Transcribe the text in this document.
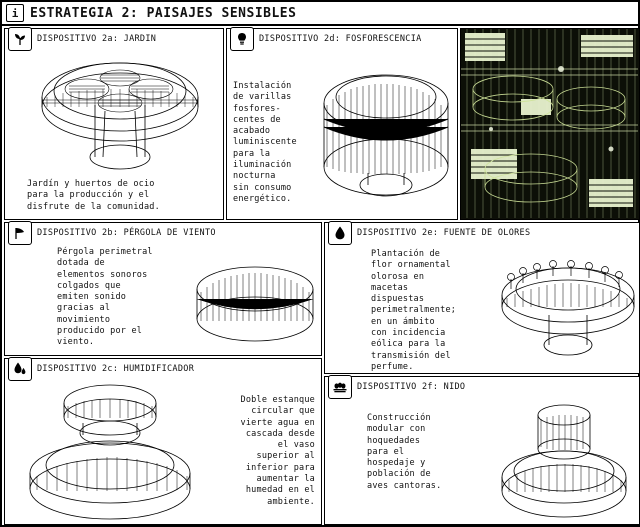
i ESTRATEGIA 2: PAISAJES SENSIBLES
DISPOSITIVO 2a: JARDIN
Jardín y huertos de ocio
para la producción y el
disfrute de la comunidad.
DISPOSITIVO 2d: FOSFORESCENCIA
Instalación
de varillas
fosfores-
centes de
acabado
luminiscente
para la
iluminación
nocturna
sin consumo
energético.
DISPOSITIVO 2b: PÉRGOLA DE VIENTO
Pérgola perimetral
dotada de
elementos sonoros
colgados que
emiten sonido
gracias al
movimiento
producido por el
viento.
DISPOSITIVO 2e: FUENTE DE OLORES
Plantación de
flor ornamental
olorosa en
macetas
dispuestas
perimetralmente;
en un ámbito
con incidencia
eólica para la
transmisión del
perfume.
DISPOSITIVO 2c: HUMIDIFICADOR
Doble estanque
circular que
vierte agua en
cascada desde
el vaso
superior al
inferior para
aumentar la
humedad en el
ambiente.
DISPOSITIVO 2f: NIDO
Construcción
modular con
hoquedades
para el
hospedaje y
población de
aves cantoras.
